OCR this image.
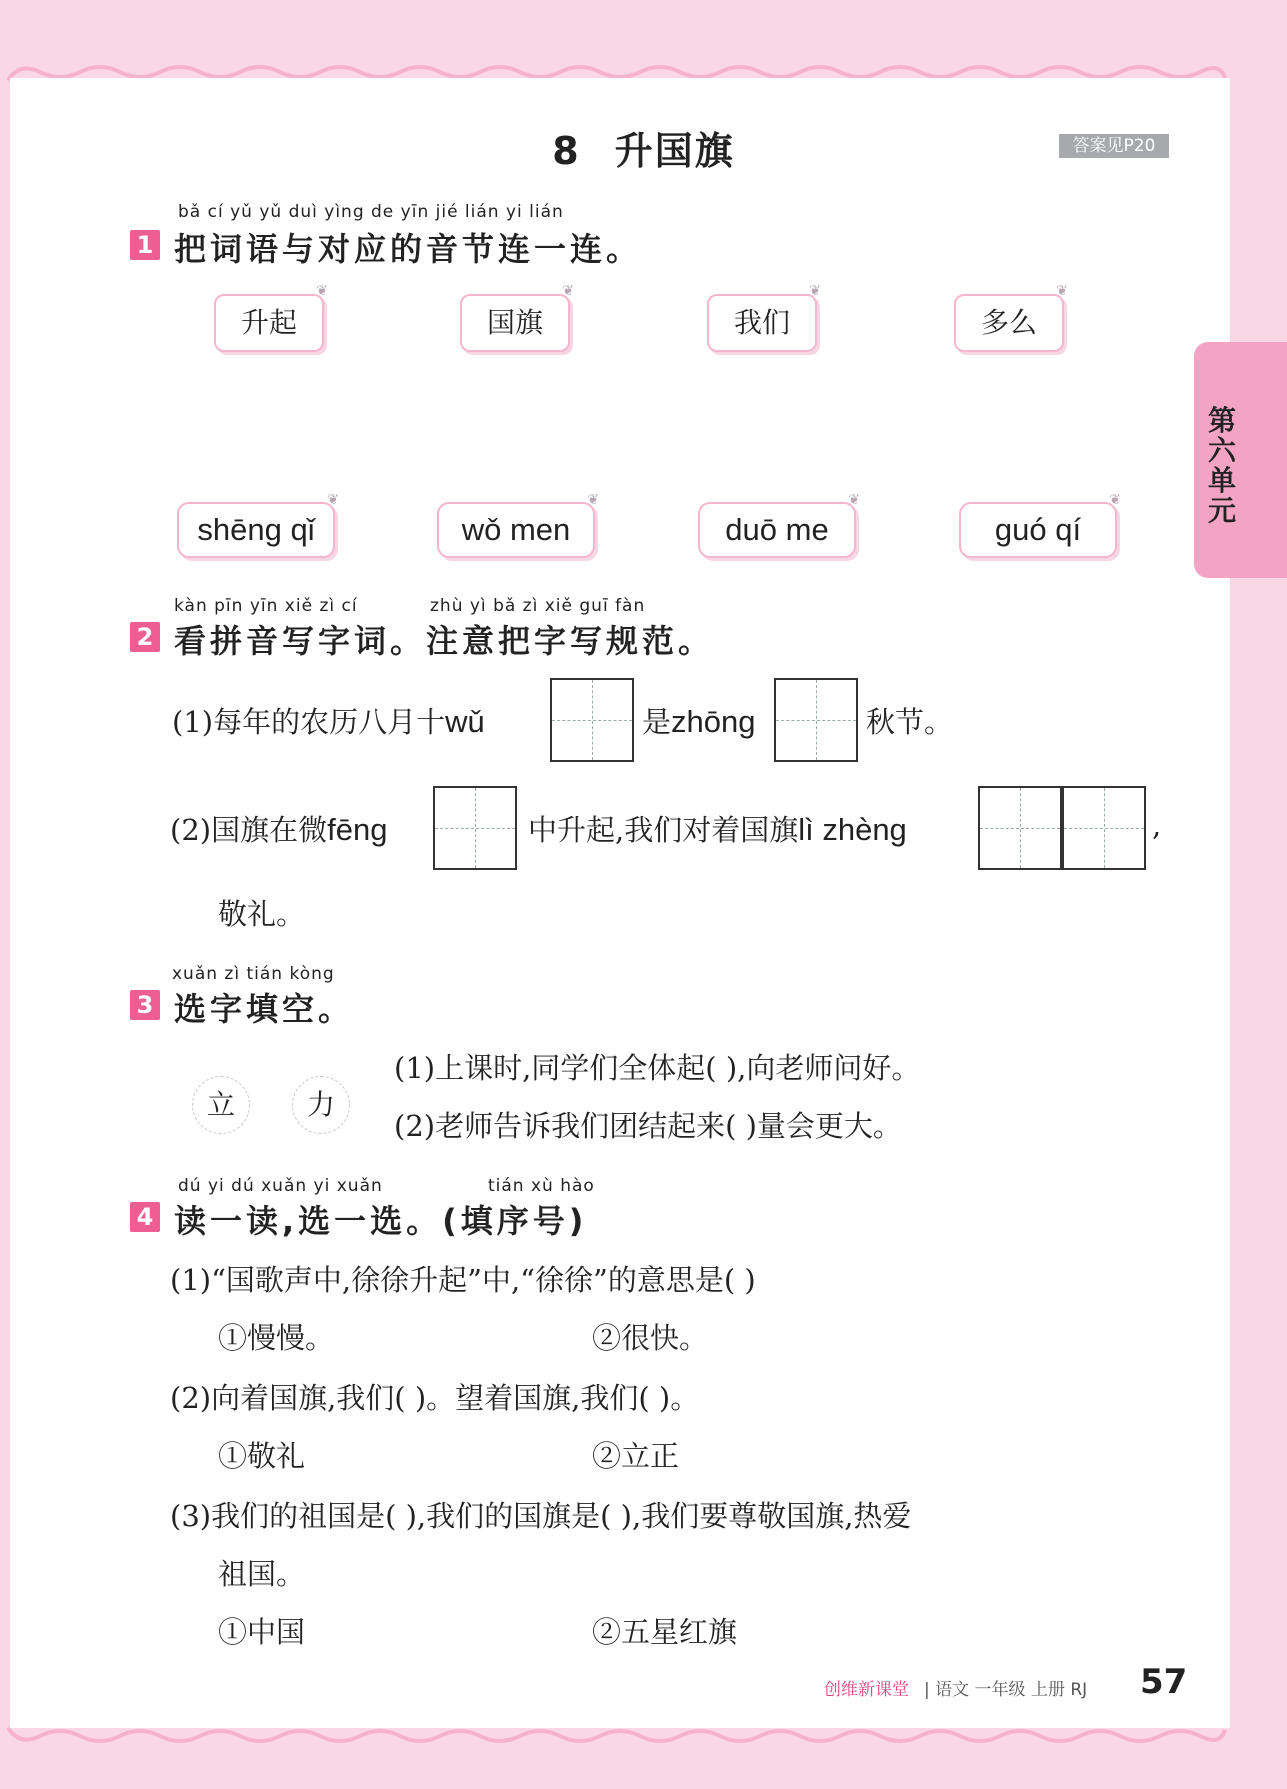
8 升国旗	答案见P20
第六单元
bǎ cí yǔ yǔ duì yìng de yīn jié lián yi lián
1 把词语与对应的音节连一连。
升起
❦
国旗
❦
我们
❦
多么
❦
shēng qǐ
❦
wǒ men
❦
duō me
❦
guó qí
❦
kàn pīn yīn xiě zì cí	zhù yì bǎ zì xiě guī fàn
2 看拼音写字词。注意把字写规范。
(1)每年的农历八月十wǔ	是zhōng	秋节。
(2)国旗在微fēng	中升起,我们对着国旗lì zhèng	,
敬礼。
xuǎn zì tián kòng
3 选字填空。
立	力
(1)上课时,同学们全体起( ),向老师问好。
(2)老师告诉我们团结起来( )量会更大。
dú yi dú xuǎn yi xuǎn	tián xù hào
4 读一读,选一选。(填序号)
(1)“国歌声中,徐徐升起”中,“徐徐”的意思是( )
①慢慢。	②很快。
(2)向着国旗,我们( )。望着国旗,我们( )。
①敬礼	②立正
(3)我们的祖国是( ),我们的国旗是( ),我们要尊敬国旗,热爱
祖国。
①中国	②五星红旗
创维新课堂 | 语文 一年级 上册 RJ 57
